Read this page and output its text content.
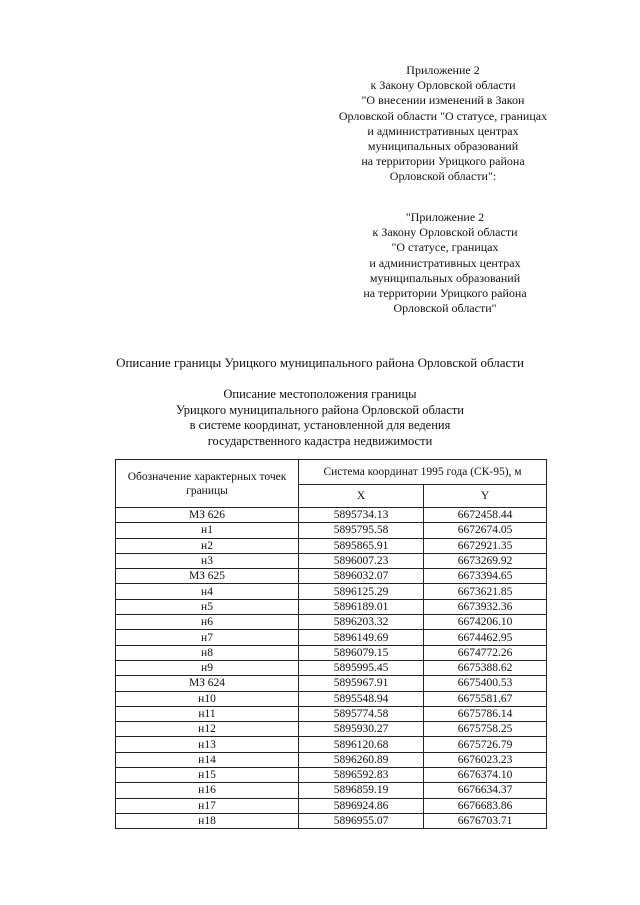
Приложение 2
к Закону Орловской области
"О внесении изменений в Закон
Орловской области "О статусе, границах
и административных центрах
муниципальных образований
на территории Урицкого района
Орловской области":
"Приложение 2
к Закону Орловской области
"О статусе, границах
и административных центрах
муниципальных образований
на территории Урицкого района
Орловской области"
Описание границы Урицкого муниципального района Орловской области
Описание местоположения границы
Урицкого муниципального района Орловской области
в системе координат, установленной для ведения
государственного кадастра недвижимости
Обозначение характерных точек границы	Система координат 1995 года (СК-95), м	
	X	Y
МЗ 626	5895734.13	6672458.44
н1	5895795.58	6672674.05
н2	5895865.91	6672921.35
н3	5896007.23	6673269.92
МЗ 625	5896032.07	6673394.65
н4	5896125.29	6673621.85
н5	5896189.01	6673932.36
н6	5896203.32	6674206.10
н7	5896149.69	6674462.95
н8	5896079.15	6674772.26
н9	5895995.45	6675388.62
МЗ 624	5895967.91	6675400.53
н10	5895548.94	6675581.67
н11	5895774.58	6675786.14
н12	5895930.27	6675758.25
н13	5896120.68	6675726.79
н14	5896260.89	6676023.23
н15	5896592.83	6676374.10
н16	5896859.19	6676634.37
н17	5896924.86	6676683.86
н18	5896955.07	6676703.71
